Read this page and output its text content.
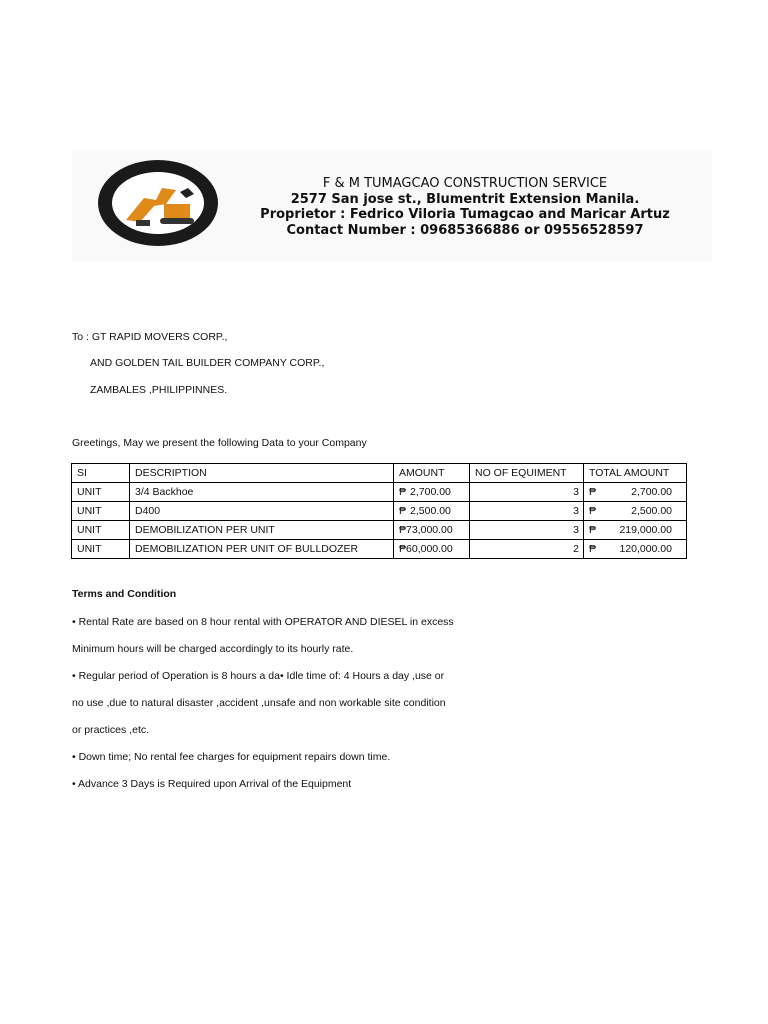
F & M TUMAGCAO CONSTRUCTION SERVICE
2577 San jose st., Blumentrit Extension Manila.
Proprietor : Fedrico Viloria Tumagcao and Maricar Artuz
Contact Number : 09685366886 or 09556528597
To : GT RAPID MOVERS CORP.,
AND GOLDEN TAIL BUILDER COMPANY CORP.,
ZAMBALES ,PHILIPPINNES.
Greetings, May we present the following Data to your Company
SI	DESCRIPTION	AMOUNT	NO OF EQUIMENT	TOTAL AMOUNT
UNIT	3/4 Backhoe	₱ 2,700.00	3	₱ 2,700.00

UNIT	D400	₱ 2,500.00	3	₱ 2,500.00

UNIT	DEMOBILIZATION PER UNIT	₱73,000.00	3	₱ 219,000.00

UNIT	DEMOBILIZATION PER UNIT OF BULLDOZER	₱60,000.00	2	₱ 120,000.00
Terms and Condition
• Rental Rate are based on 8 hour rental with OPERATOR AND DIESEL in excess
Minimum hours will be charged accordingly to its hourly rate.
• Regular period of Operation is 8 hours a da• Idle time of: 4 Hours a day ,use or
no use ,due to natural disaster ,accident ,unsafe and non workable site condition
or practices ,etc.
• Down time; No rental fee charges for equipment repairs down time.
• Advance 3 Days is Required upon Arrival of the Equipment
